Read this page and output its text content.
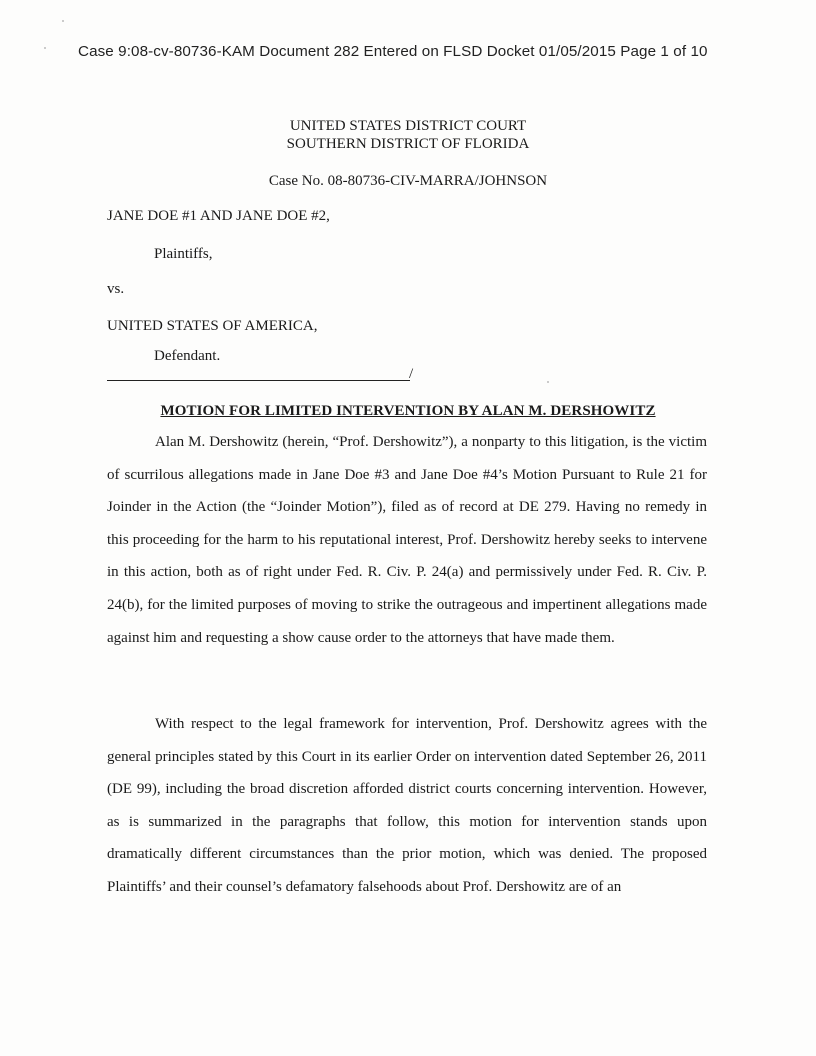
Case 9:08-cv-80736-KAM Document 282 Entered on FLSD Docket 01/05/2015 Page 1 of 10
UNITED STATES DISTRICT COURT
SOUTHERN DISTRICT OF FLORIDA
Case No. 08-80736-CIV-MARRA/JOHNSON
JANE DOE #1 AND JANE DOE #2,
Plaintiffs,
vs.
UNITED STATES OF AMERICA,
Defendant.
/
MOTION FOR LIMITED INTERVENTION BY ALAN M. DERSHOWITZ
Alan M. Dershowitz (herein, “Prof. Dershowitz”), a nonparty to this litigation, is the victim of scurrilous allegations made in Jane Doe #3 and Jane Doe #4’s Motion Pursuant to Rule 21 for Joinder in the Action (the “Joinder Motion”), filed as of record at DE 279. Having no remedy in this proceeding for the harm to his reputational interest, Prof. Dershowitz hereby seeks to intervene in this action, both as of right under Fed. R. Civ. P. 24(a) and permissively under Fed. R. Civ. P. 24(b), for the limited purposes of moving to strike the outrageous and impertinent allegations made against him and requesting a show cause order to the attorneys that have made them.
With respect to the legal framework for intervention, Prof. Dershowitz agrees with the general principles stated by this Court in its earlier Order on intervention dated September 26, 2011 (DE 99), including the broad discretion afforded district courts concerning intervention. However, as is summarized in the paragraphs that follow, this motion for intervention stands upon dramatically different circumstances than the prior motion, which was denied. The proposed Plaintiffs’ and their counsel’s defamatory falsehoods about Prof. Dershowitz are of an
